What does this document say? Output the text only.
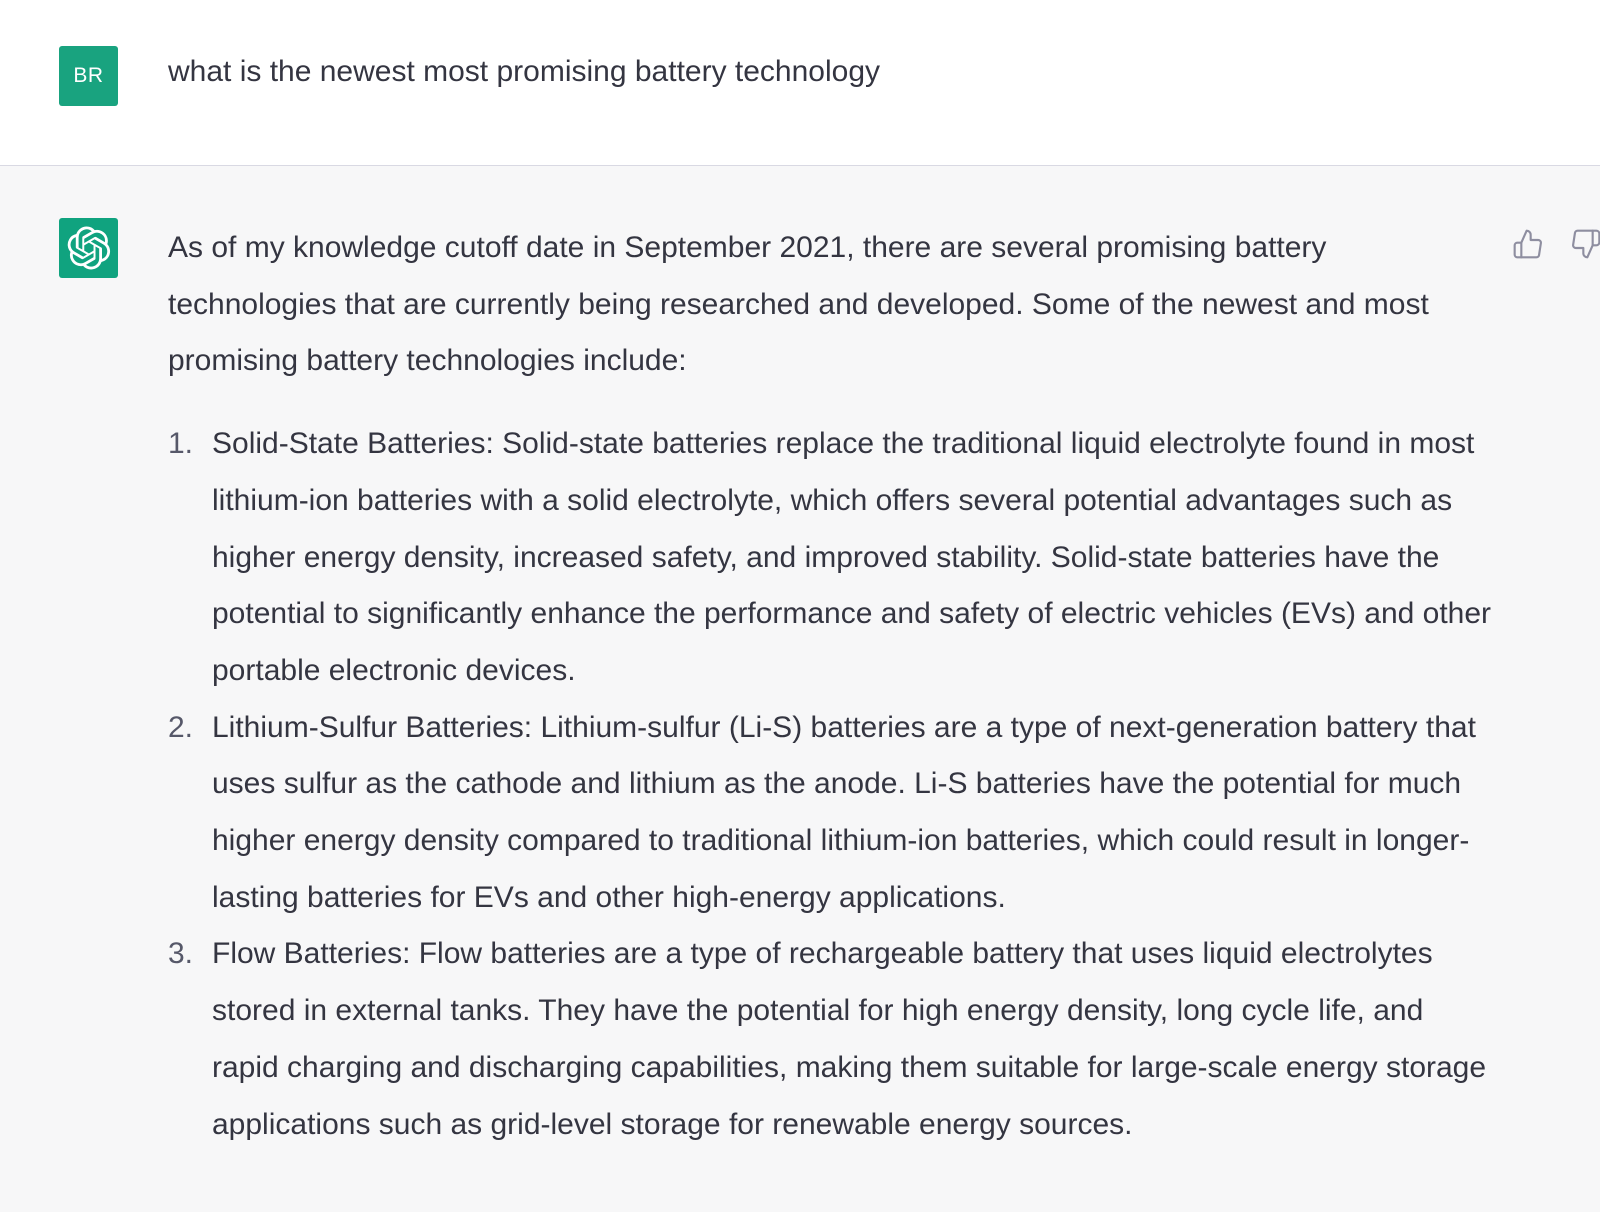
BR what is the newest most promising battery technology

As of my knowledge cutoff date in September 2021, there are several promising battery technologies that are currently being researched and developed. Some of the newest and most promising battery technologies include:

1. Solid-State Batteries: Solid-state batteries replace the traditional liquid electrolyte found in most lithium-ion batteries with a solid electrolyte, which offers several potential advantages such as higher energy density, increased safety, and improved stability. Solid-state batteries have the potential to significantly enhance the performance and safety of electric vehicles (EVs) and other portable electronic devices.
2. Lithium-Sulfur Batteries: Lithium-sulfur (Li-S) batteries are a type of next-generation battery that uses sulfur as the cathode and lithium as the anode. Li-S batteries have the potential for much higher energy density compared to traditional lithium-ion batteries, which could result in longer-lasting batteries for EVs and other high-energy applications.
3. Flow Batteries: Flow batteries are a type of rechargeable battery that uses liquid electrolytes stored in external tanks. They have the potential for high energy density, long cycle life, and rapid charging and discharging capabilities, making them suitable for large-scale energy storage applications such as grid-level storage for renewable energy sources.
